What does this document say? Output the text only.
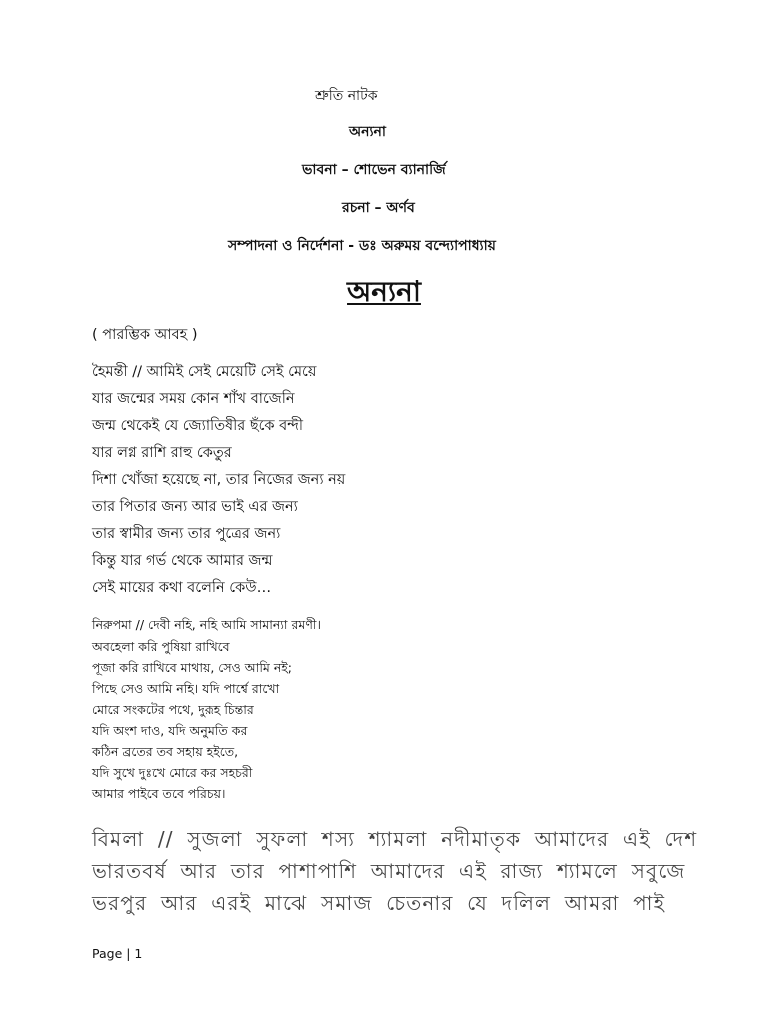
শ্রুতি নাটক
অন্যনা
ভাবনা – শোভেন ব্যানার্জি
রচনা – অর্ণব
সম্পাদনা ও নির্দেশনা - ডঃ অরুময় বন্দ্যোপাধ্যায়
অন্যনা
( পারম্ভিক আবহ )
হৈমন্তী // আমিই সেই মেয়েটি সেই মেয়ে
যার জন্মের সময় কোন শাঁখ বাজেনি
জন্ম থেকেই যে জ্যোতিষীর ছঁকে বন্দী
যার লগ্ন রাশি রাহু কেতুর
দিশা খোঁজা হয়েছে না, তার নিজের জন্য নয়
তার পিতার জন্য আর ভাই এর জন্য
তার স্বামীর জন্য তার পুত্রের জন্য
কিন্তু যার গর্ভ থেকে আমার জন্ম
সেই মায়ের কথা বলেনি কেউ…
নিরুপমা // দেবী নহি, নহি আমি সামান্যা রমণী।
অবহেলা করি পুষিয়া রাখিবে
পূজা করি রাখিবে মাথায়, সেও আমি নই;
পিছে সেও আমি নহি। যদি পার্শ্বে রাখো
মোরে সংকটের পথে, দুরূহ চিন্তার
যদি অংশ দাও, যদি অনুমতি কর
কঠিন ব্রতের তব সহায় হইতে,
যদি সুখে দুঃখে মোরে কর সহচরী
আমার পাইবে তবে পরিচয়।
বিমলা // সুজলা সুফলা শস্য শ্যামলা নদীমাতৃক আমাদের এই দেশ
ভারতবর্ষ আর তার পাশাপাশি আমাদের এই রাজ্য শ্যামলে সবুজে
ভরপুর আর এরই মাঝে সমাজ চেতনার যে দলিল আমরা পাই
Page | 1
